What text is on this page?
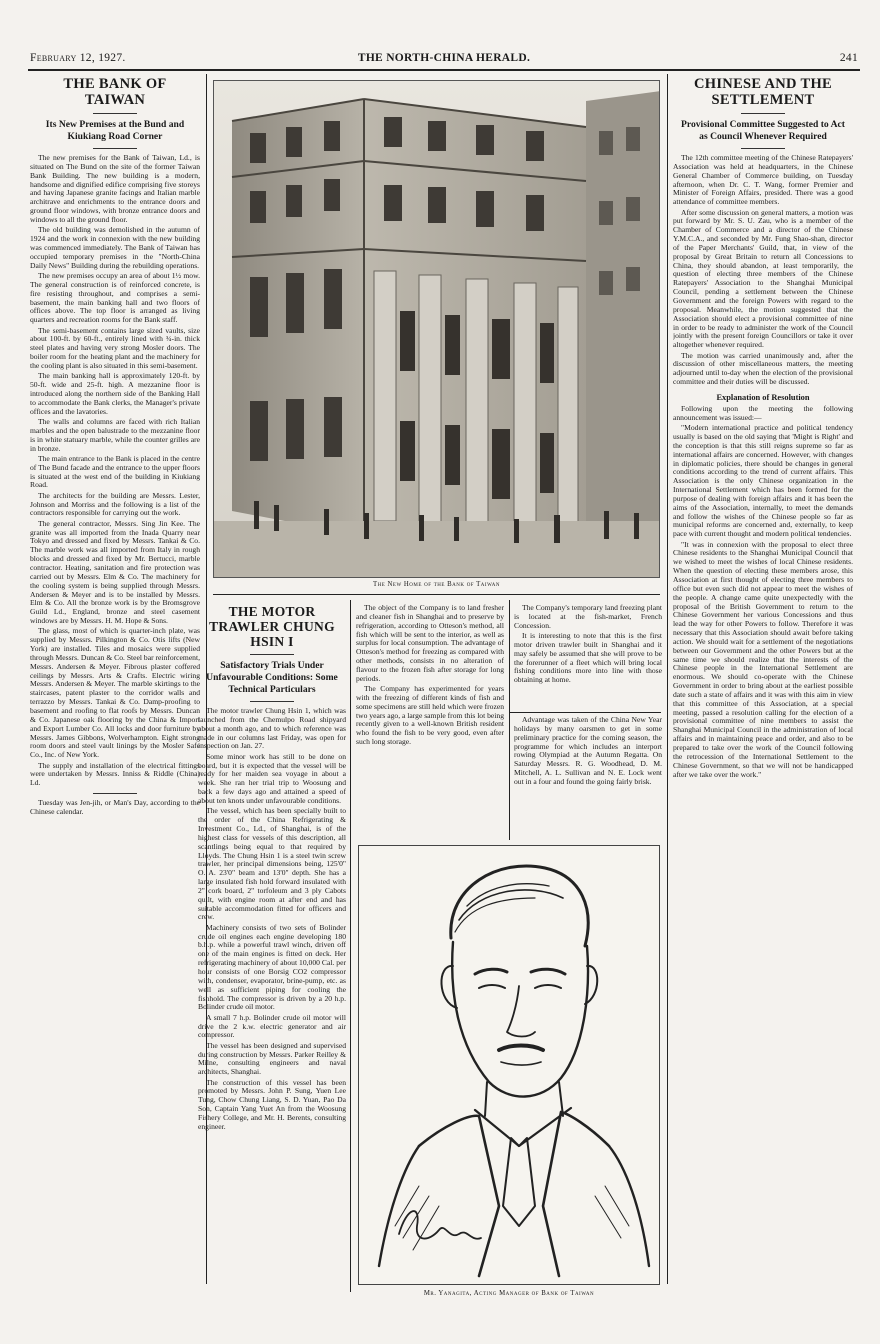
February 12, 1927.	THE NORTH-CHINA HERALD.	241
THE BANK OF TAIWAN
Its New Premises at the Bund and Kiukiang Road Corner

The new premises for the Bank of Taiwan, Ld., is situated on The Bund on the site of the former Taiwan Bank Building. The new building is a modern, handsome and dignified edifice comprising five storeys and having Japanese granite facings and Italian marble architrave and enrichments to the entrance doors and ground floor windows, with bronze entrance doors and windows to all the ground floor.

The old building was demolished in the autumn of 1924 and the work in connexion with the new building was commenced immediately. The Bank of Taiwan has occupied temporary premises in the "North-China Daily News" Building during the rebuilding operations.

The new premises occupy an area of about 1½ mow. The general construction is of reinforced concrete, is fire resisting throughout, and comprises a semi-basement, the main banking hall and two floors of offices above. The top floor is arranged as living quarters and recreation rooms for the Bank staff.

The semi-basement contains large sized vaults, size about 100-ft. by 60-ft., entirely lined with ¾-in. thick steel plates and having very strong Mosler doors. The boiler room for the heating plant and the machinery for the cooling plant is also situated in this semi-basement.

The main banking hall is approximately 120-ft. by 50-ft. wide and 25-ft. high. A mezzanine floor is introduced along the northern side of the Banking Hall to accommodate the Bank clerks, the Manager's private offices and the lavatories.

The walls and columns are faced with rich Italian marbles and the open balustrade to the mezzanine floor is in white statuary marble, while the counter grilles are in bronze.

The main entrance to the Bank is placed in the centre of The Bund facade and the entrance to the upper floors is situated at the west end of the building in Kiukiang Road.

The architects for the building are Messrs. Lester, Johnson and Morriss and the following is a list of the contractors responsible for carrying out the work.

The general contractor, Messrs. Sing Jin Kee. The granite was all imported from the Inada Quarry near Tokyo and dressed and fixed by Messrs. Tankai & Co. The marble work was all imported from Italy in rough blocks and dressed and fixed by Mr. Bertucci, marble contractor. Heating, sanitation and fire protection was carried out by Messrs. Elm & Co. The machinery for the cooling system is being supplied through Messrs. Andersen & Meyer and is to be installed by Messrs. Elm & Co. All the bronze work is by the Bromsgrove Guild Ld., England, bronze and steel casement windows are by Messrs. H. M. Hope & Sons.

The glass, most of which is quarter-inch plate, was supplied by Messrs. Pilkington & Co. Otis lifts (New York) are installed. Tiles and mosaics were supplied through Messrs. Duncan & Co. Steel bar reinforcement, Messrs. Andersen & Meyer. Fibrous plaster coffered ceilings by Messrs. Arts & Crafts. Electric wiring Messrs. Andersen & Meyer. The marble skirtings to the staircases, patent plaster to the corridor walls and terrazzo by Messrs. Tankai & Co. Damp-proofing to basement and roofing to flat roofs by Messrs. Duncan & Co. Japanese oak flooring by the China & Import and Export Lumber Co. All locks and door furniture by Messrs. James Gibbons, Wolverhampton. Eight strong room doors and steel vault linings by the Mosler Safe Co., Inc. of New York.

The supply and installation of the electrical fittings were undertaken by Messrs. Inniss & Riddle (China) Ld.

Tuesday was Jen-jih, or Man's Day, according to the Chinese calendar.

The New Home of the Bank of Taiwan
THE MOTOR TRAWLER CHUNG HSIN I
Satisfactory Trials Under Unfavourable Conditions: Some Technical Particulars

The motor trawler Chung Hsin 1, which was launched from the Chemulpo Road shipyard about a month ago, and to which reference was made in our columns last Friday, was open for inspection on Jan. 27.

Some minor work has still to be done on board, but it is expected that the vessel will be ready for her maiden sea voyage in about a week. She ran her trial trip to Woosung and back a few days ago and attained a speed of about ten knots under unfavourable conditions.

The vessel, which has been specially built to the order of the China Refrigerating & Investment Co., Ld., of Shanghai, is of the highest class for vessels of this description, all scantlings being equal to that required by Lloyds. The Chung Hsin 1 is a steel twin screw trawler, her principal dimensions being, 125'0" O. A. 23'0" beam and 13'0" depth. She has a large insulated fish hold forward insulated with 2" cork board, 2" torfoleum and 3 ply Cabots quilt, with engine room at after end and has suitable accommodation fitted for officers and crew.

Machinery consists of two sets of Bolinder crude oil engines each engine developing 180 b.h.p. while a powerful trawl winch, driven off one of the main engines is fitted on deck. Her refrigerating machinery of about 10,000 Cal. per hour consists of one Borsig CO2 compressor with, condenser, evaporator, brine-pump, etc. as well as sufficient piping for cooling the fishhold. The compressor is driven by a 20 h.p. Bolinder crude oil motor.

A small 7 h.p. Bolinder crude oil motor will drive the 2 k.w. electric generator and air compressor.

The vessel has been designed and supervised during construction by Messrs. Parker Reilley & Milne, consulting engineers and naval architects, Shanghai.

The construction of this vessel has been promoted by Messrs. John P. Sung, Yuen Lee Tung, Chow Chung Liang, S. D. Yuan, Pao Da Son, Captain Yang Yuet An from the Woosung Fishery College, and Mr. H. Berents, consulting engineer.

The object of the Company is to land fresher and cleaner fish in Shanghai and to preserve by refrigeration, according to Otteson's method, all fish which will be sent to the interior, as well as surplus for local consumption. The advantage of Otteson's method for freezing as compared with other methods, consists in no alteration of flavour to the frozen fish after storage for long periods.

The Company has experimented for years with the freezing of different kinds of fish and some specimens are still held which were frozen two years ago, a large sample from this lot being recently given to a well-known British resident who found the fish to be very good, even after such long storage.

The Company's temporary land freezing plant is located at the fish-market, French Concession.

It is interesting to note that this is the first motor driven trawler built in Shanghai and it may safely be assumed that she will prove to be the forerunner of a fleet which will bring local fishing conditions more into line with those obtaining at home.

Advantage was taken of the China New Year holidays by many oarsmen to get in some preliminary practice for the coming season, the programme for which includes an interport rowing Olympiad at the Autumn Regatta. On Saturday Messrs. R. G. Woodhead, D. M. Mitchell, A. L. Sullivan and N. E. Lock went out in a four and found the going fairly brisk.

Mr. Yanagita, Acting Manager of Bank of Taiwan
CHINESE AND THE SETTLEMENT
Provisional Committee Suggested to Act as Council Whenever Required

The 12th committee meeting of the Chinese Ratepayers' Association was held at headquarters, in the Chinese General Chamber of Commerce building, on Tuesday afternoon, when Dr. C. T. Wang, former Premier and Minister of Foreign Affairs, presided. There was a good attendance of committee members.

After some discussion on general matters, a motion was put forward by Mr. S. U. Zau, who is a member of the Chamber of Commerce and a director of the Chinese Y.M.C.A., and seconded by Mr. Fung Shao-shan, director of the Paper Merchants' Guild, that, in view of the proposal by Great Britain to return all Concessions to China, they should abandon, at least temporarily, the question of electing three members of the Chinese Ratepayers' Association to the Shanghai Municipal Council, pending a settlement between the Chinese Government and the foreign Powers with regard to the proposal. Meanwhile, the motion suggested that the Association should elect a provisional committee of nine in order to be ready to administer the work of the Council jointly with the present foreign Councillors or take it over altogether whenever required.

The motion was carried unanimously and, after the discussion of other miscellaneous matters, the meeting adjourned until to-day when the election of the provisional committee and their duties will be discussed.

Explanation of Resolution

Following upon the meeting the following announcement was issued:—

"Modern international practice and political tendency usually is based on the old saying that 'Might is Right' and the conception is that this still reigns supreme so far as international affairs are concerned. However, with changes in diplomatic policies, there should be changes in general conditions according to the trend of current affairs. This Association is the only Chinese organization in the International Settlement which has been formed for the purpose of dealing with foreign affairs and it has been the aims of the Association, internally, to meet the demands and follow the wishes of the Chinese people so far as municipal reforms are concerned and, externally, to keep pace with current thought and modern political tendencies.

"It was in connexion with the proposal to elect three Chinese residents to the Shanghai Municipal Council that we wished to meet the wishes of local Chinese residents. When the question of electing these members arose, this Association at first thought of electing three members to office but even such did not appear to meet the wishes of the people. A change came quite unexpectedly with the proposal of the British Government to return to the Chinese Government her various Concessions and thus lead the way for other Powers to follow. Therefore it was necessary that this Association should await before taking action. We should wait for a settlement of the negotiations between our Government and the other Powers but at the same time we should realize that the interests of the Chinese people in the International Settlement are enormous. We should co-operate with the Chinese Government in order to bring about at the earliest possible date such a state of affairs and it was with this aim in view that this committee of this Association, at a special meeting, passed a resolution calling for the election of a provisional committee of nine members to assist the Shanghai Municipal Council in the administration of local affairs and in maintaining peace and order, and also to be prepared to take over the work of the Council following the retrocession of the International Settlement to the Chinese Government, so that we will not be handicapped after we take over the work."
